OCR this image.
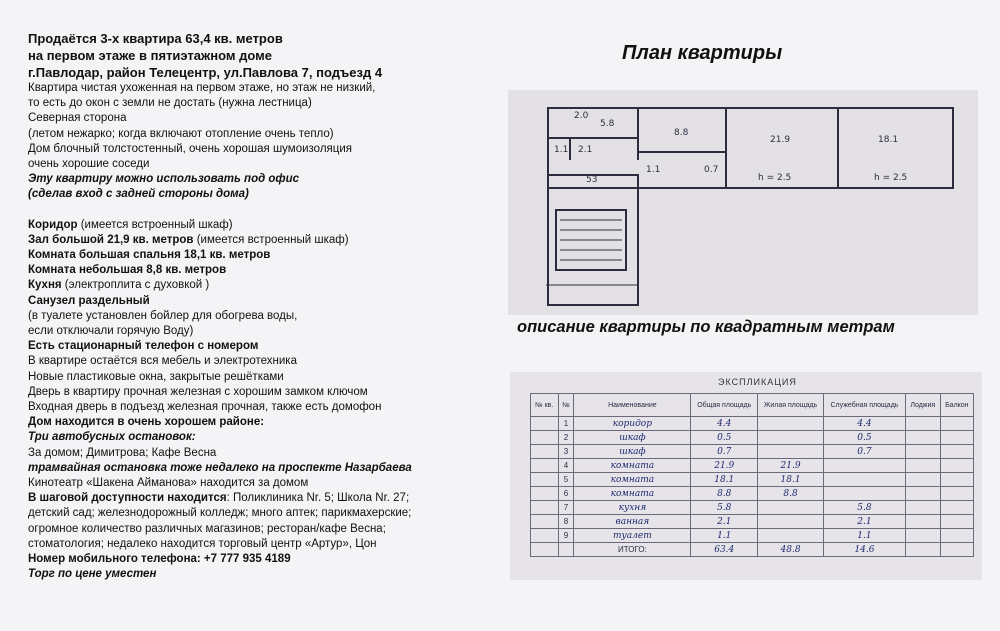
Продаётся 3-х квартира 63,4 кв. метров

на первом этаже в пятиэтажном доме

г.Павлодар, район Телецентр, ул.Павлова 7, подъезд 4

Квартира чистая ухоженная на первом этаже, но этаж не низкий,

то есть до окон с земли не достать (нужна лестница)

Северная сторона

(летом нежарко; когда включают отопление очень тепло)

Дом блочный толстостенный, очень хорошая шумоизоляция

очень хорошие соседи

Эту квартиру можно использовать под офис

(сделав вход с задней стороны дома)

Коридор (имеется встроенный шкаф)

Зал большой 21,9 кв. метров (имеется встроенный шкаф)

Комната большая спальня 18,1 кв. метров

Комната небольшая 8,8 кв. метров

Кухня (электроплита с духовкой )

Санузел раздельный

(в туалете установлен бойлер для обогрева воды,

если отключали горячую Воду)

Есть стационарный телефон с номером

В квартире остаётся вся мебель и электротехника

Новые пластиковые окна, закрытые решётками

Дверь в квартиру прочная железная с хорошим замком ключом

Входная дверь в подъезд железная прочная, также есть домофон

Дом находится в очень хорошем районе:

Три автобусных остановок:

За домом; Димитрова; Кафе Весна

трамвайная остановка тоже недалеко на проспекте Назарбаева

Кинотеатр «Шакена Айманова» находится за домом

В шаговой доступности находится: Поликлиника Nr. 5; Школа Nr. 27;

детский сад; железнодорожный колледж; много аптек; парикмахерские;

огромное количество различных магазинов; ресторан/кафе Весна;

стоматология; недалеко находится торговый центр «Артур», Цон

Номер мобильного телефона: +7 777 935 4189

Торг по цене уместен

План квартиры
2.0
5.8
1.1 2.1
8.8
21.9	18.1
53
1.1	0.7
h = 2.5	h = 2.5
описание квартиры по квадратным метрам
ЭКСПЛИКАЦИЯ
№ кв.	№	Наименование	Общая площадь	Жилая площадь	Служебная площадь	Лоджия	Балкон
	1	коридор	4.4		4.4		
	2	шкаф	0.5		0.5		
	3	шкаф	0.7		0.7		
	4	комната	21.9	21.9			
	5	комната	18.1	18.1			
	6	комната	8.8	8.8			
	7	кухня	5.8		5.8		
	8	ванная	2.1		2.1		
	9	туалет	1.1		1.1		
		ИТОГО:	63.4	48.8	14.6		
